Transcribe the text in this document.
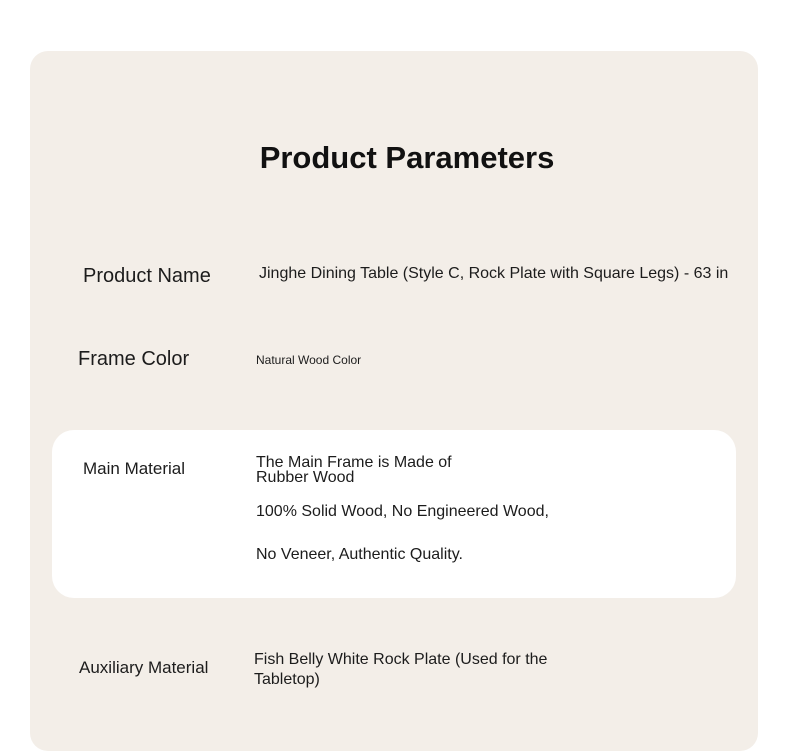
Product Parameters
Product Name	Jinghe Dining Table (Style C, Rock Plate with Square Legs) - 63 in
Frame Color	Natural Wood Color
Main Material	The Main Frame is Made of Rubber Wood
100% Solid Wood, No Engineered Wood,
No Veneer, Authentic Quality.
Auxiliary Material	Fish Belly White Rock Plate (Used for the Tabletop)
